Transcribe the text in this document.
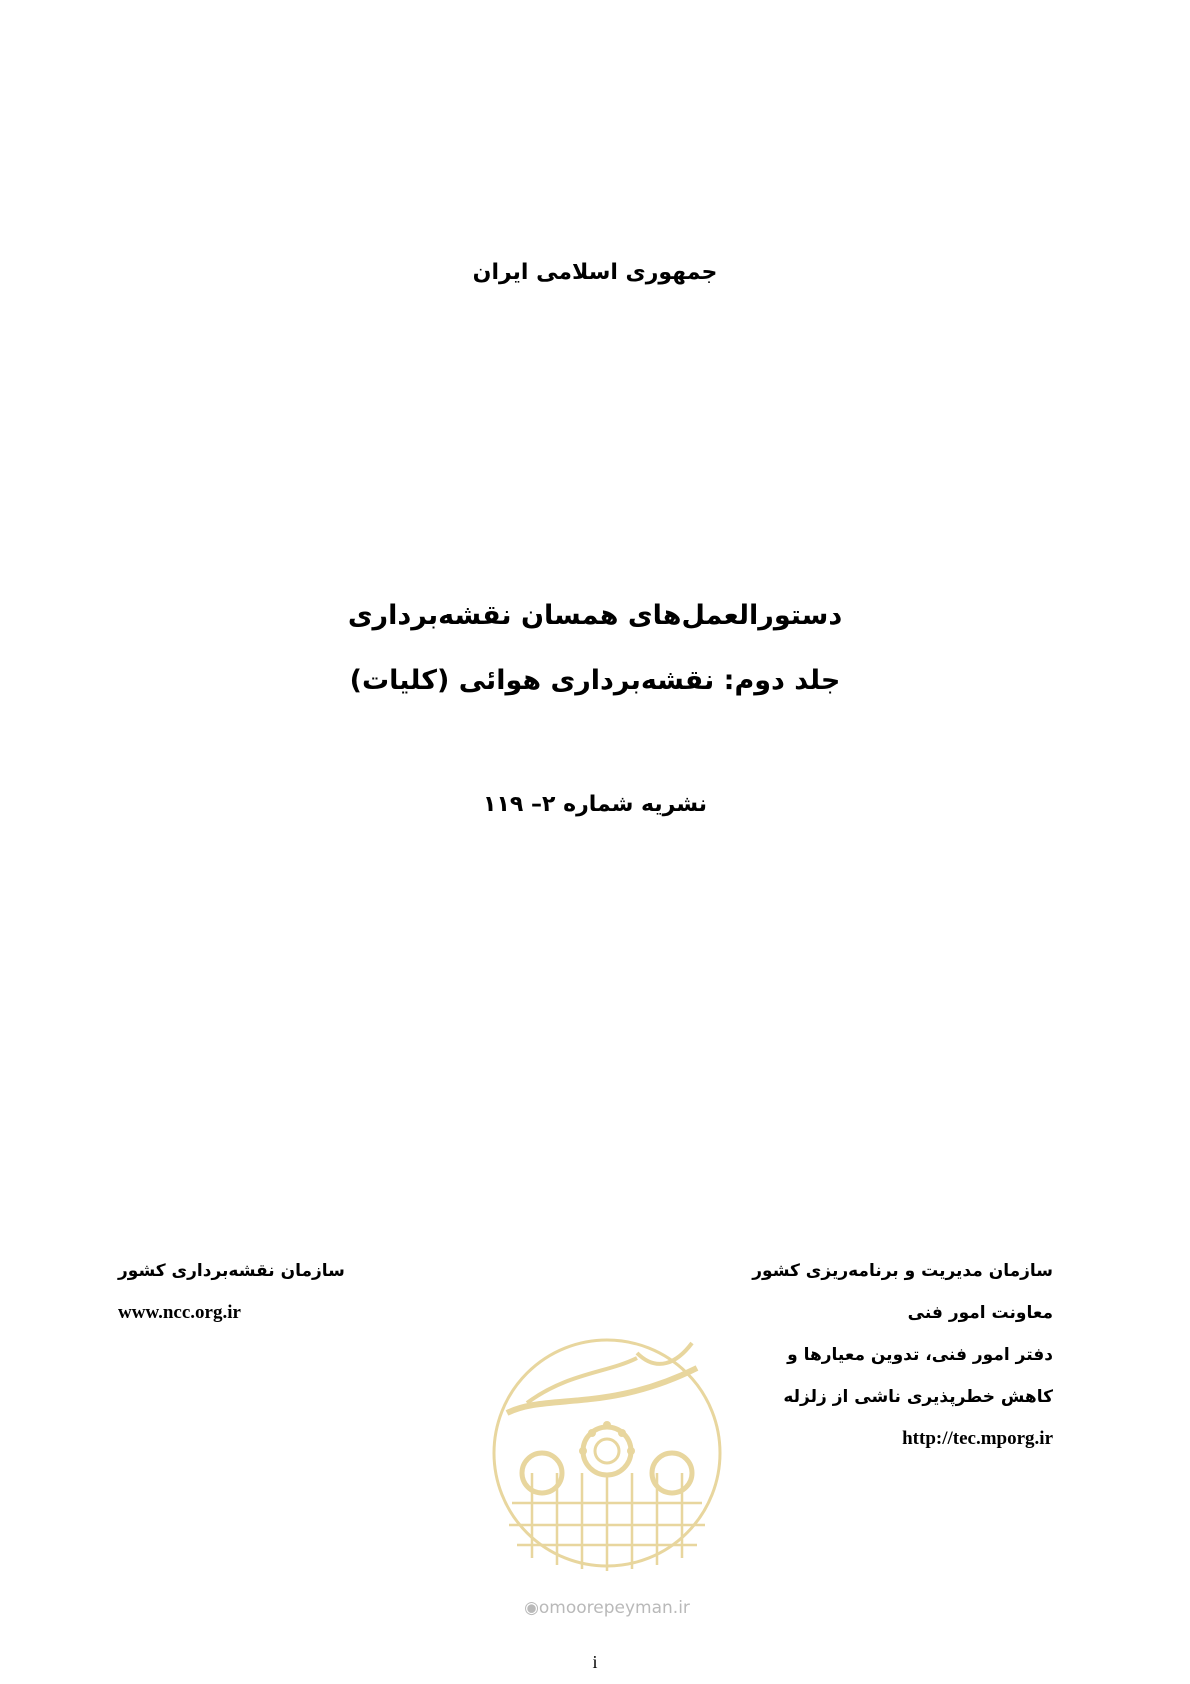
جمهوری اسلامی ایران
دستورالعمل‌های همسان نقشه‌برداری
جلد دوم: نقشه‌برداری هوائی (کلیات)
نشریه شماره ۲– ۱۱۹
سازمان مدیریت و برنامه‌ریزی کشور
معاونت امور فنی
دفتر امور فنی، تدوین معیارها و
کاهش خطرپذیری ناشی از زلزله
http://tec.mporg.ir
سازمان نقشه‌برداری کشور
www.ncc.org.ir
◉omoorepeyman.ir
i
